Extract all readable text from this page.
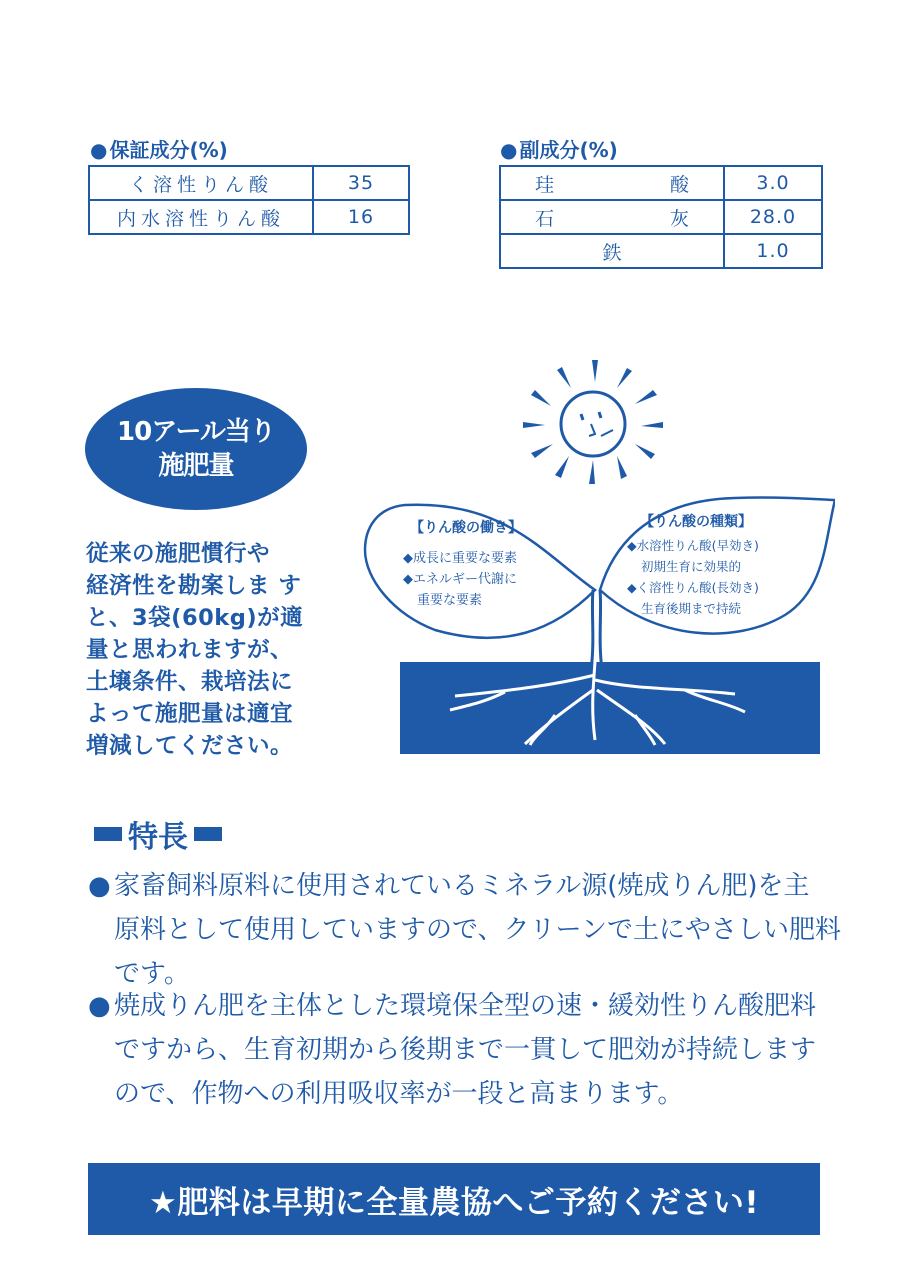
● 保証成分(%)
く溶性りん酸	35
内水溶性りん酸	16
● 副成分(%)
珪 酸	3.0

石 灰	28.0
鉄	1.0
10アール当り
施肥量
従来の施肥慣行や
経済性を勘案しま す
と、3袋(60kg)が適
量と思われますが、
土壌条件、栽培法に
よって施肥量は適宜
増減してください。
【りん酸の働き】
◆成長に重要な要素
◆エネルギー代謝に
重要な要素
【りん酸の種類】
◆水溶性りん酸(早効き)
初期生育に効果的
◆く溶性りん酸(長効き)
生育後期まで持続
特長
● 家畜飼料原料に使用されているミネラル源(焼成りん肥)を主
原料として使用していますので、クリーンで土にやさしい肥料
です。
● 焼成りん肥を主体とした環境保全型の速・緩効性りん酸肥料
ですから、生育初期から後期まで一貫して肥効が持続します
ので、作物への利用吸収率が一段と高まります。
★肥料は早期に全量農協へご予約ください!
